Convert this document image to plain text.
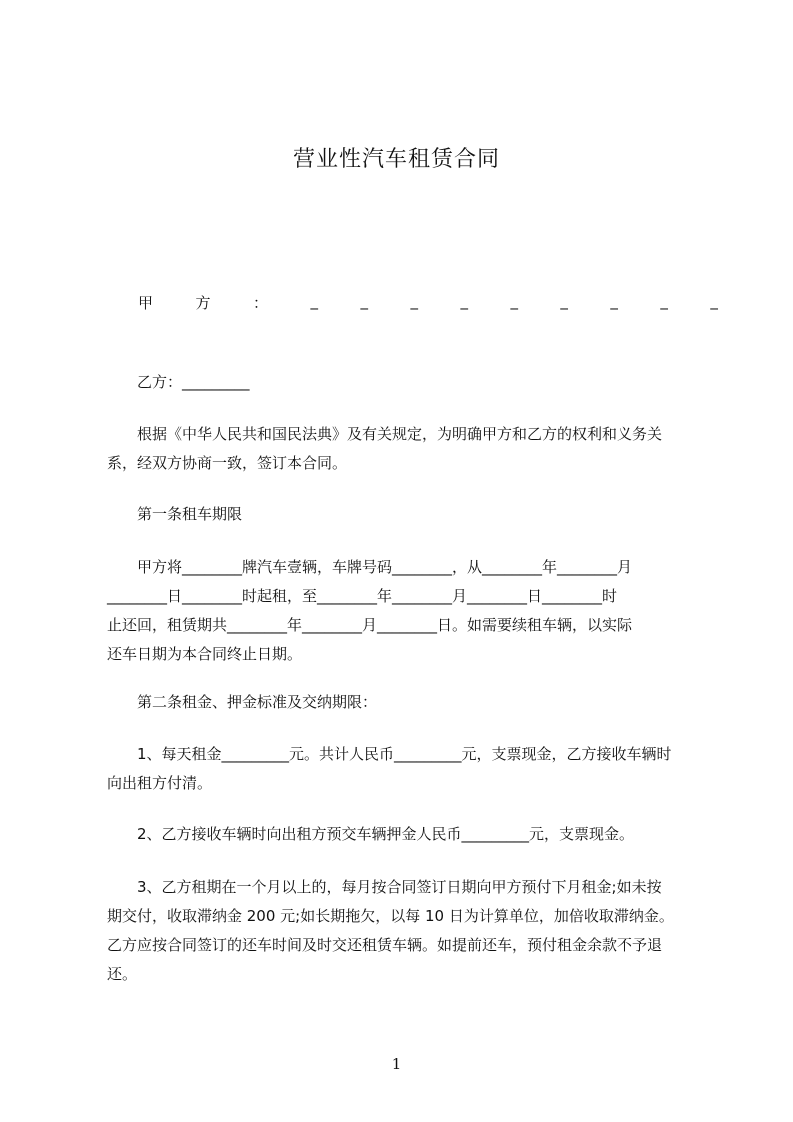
营业性汽车租赁合同
甲	方	：	_	_	_	_	_	_	_	_	_
乙方：_________
根据《中华人民共和国民法典》及有关规定，为明确甲方和乙方的权利和义务关
系，经双方协商一致，签订本合同。
第一条租车期限
甲方将________牌汽车壹辆，车牌号码________，从________年________月
________日________时起租，至________年________月________日________时
止还回，租赁期共________年________月________日。如需要续租车辆，以实际
还车日期为本合同终止日期。
第二条租金、押金标准及交纳期限：
1、每天租金_________元。共计人民币_________元，支票现金，乙方接收车辆时
向出租方付清。
2、乙方接收车辆时向出租方预交车辆押金人民币_________元，支票现金。
3、乙方租期在一个月以上的，每月按合同签订日期向甲方预付下月租金;如未按
期交付，收取滞纳金 200 元;如长期拖欠，以每 10 日为计算单位，加倍收取滞纳金。
乙方应按合同签订的还车时间及时交还租赁车辆。如提前还车，预付租金余款不予退
还。
1
